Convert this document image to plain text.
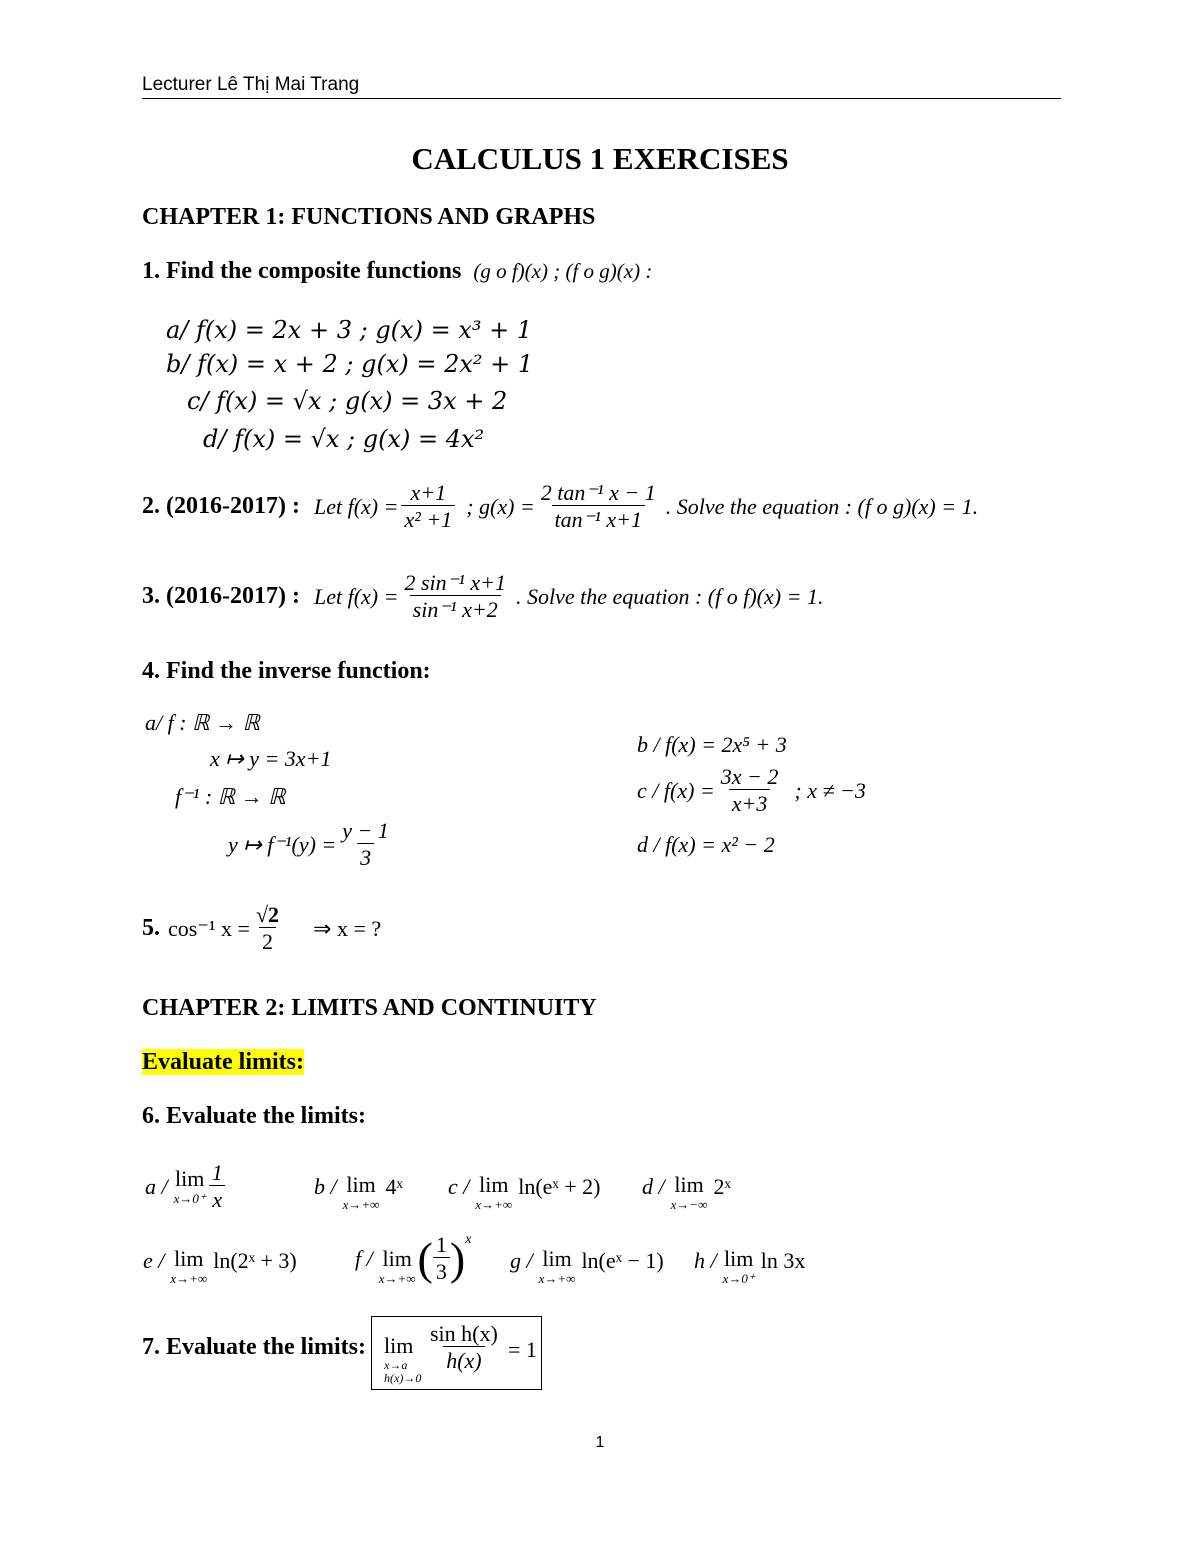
Lecturer Lê Thị Mai Trang
CALCULUS 1 EXERCISES
CHAPTER 1: FUNCTIONS AND GRAPHS
1. Find the composite functions (g ο f)(x) ; (f ο g)(x) :
a/ f(x) = 2x + 3 ; g(x) = x³ + 1
b/ f(x) = x + 2 ; g(x) = 2x² + 1
c/ f(x) = √x ; g(x) = 3x + 2
d/ f(x) = √x ; g(x) = 4x²
2. (2016-2017) : Let $f(x) = \frac{x+1}{\text{x² +1}}$ ; $g(x) = \frac{\text{2 tan⁻¹ x − 1}}{\text{tan⁻¹ x+1}}$ . Solve the equation : (f ο g)(x) = 1.
3. (2016-2017) : Let $f(x) = \frac{\text{2 sin⁻¹ x+1}}{\text{sin⁻¹ x+2}}$ . Solve the equation : (f ο f)(x) = 1.
4. Find the inverse function:
a/ f : ℝ → ℝ
x ↦ y = 3x+1
f⁻¹ : ℝ → ℝ
y ↦ $f^{-1}(y) = \frac{y - 1}{3}$
b / f(x) = 2x⁵ + 3
$c / f(x) = \frac{3x - 2}{x+3}$ ; x ≠ −3
d / f(x) = x² − 2
5. cos⁻¹ $x = \frac{√2}{2}$ ⇒ x = ?
CHAPTER 2: LIMITS AND CONTINUITY
Evaluate limits:
6. Evaluate the limits:
a / lim
$x\to 0^+ \frac{1}{x}$	b / lim
x→+∞
4ˣ c / lim
x→+∞
ln(eˣ + 2) d / lim
x→−∞
2ˣ
e / lim
x→+∞
ln(2ˣ + 3)	f / lim
x→+∞ ( $\frac{1}{3}$ ) x
g / lim
x→+∞
ln(eˣ − 1) h / lim
x→0⁺
ln 3x
7. Evaluate the limits: lim
x→a
h(x)→0
$\frac{\text{sin h(x)}}{h(x)} = 1$
1
